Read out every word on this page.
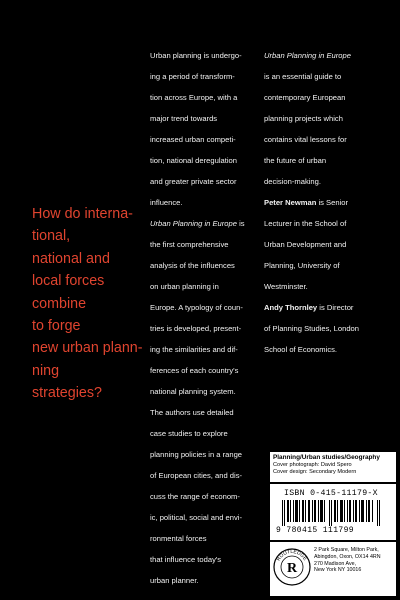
How do interna-
tional,
national and
local forces
combine
to forge
new urban plann-
ning
strategies?
Urban planning is undergo-
ing a period of transform-
tion across Europe, with a
major trend towards
increased urban competi-
tion, national deregulation
and greater private sector
influence.
Urban Planning in Europe is
the first comprehensive
analysis of the influences
on urban planning in
Europe. A typology of coun-
tries is developed, present-
ing the similarities and dif-
ferences of each country's
national planning system.
The authors use detailed
case studies to explore
planning policies in a range
of European cities, and dis-
cuss the range of econom-
ic, political, social and envi-
ronmental forces
that influence today's
urban planner.
Urban Planning in Europe
is an essential guide to
contemporary European
planning projects which
contains vital lessons for
the future of urban
decision-making.
Peter Newman is Senior
Lecturer in the School of
Urban Development and
Planning, University of
Westminster.
Andy Thornley is Director
of Planning Studies, London
School of Economics.
Planning/Urban studies/Geography
Cover photograph: David Spero
Cover design: Secondary Modern
ISBN 0-415-11179-X
9 780415 111799
ROUTLEDGE
R
2 Park Square, Milton Park,
Abingdon, Oxon, OX14 4RN
270 Madison Ave,
New York NY 10016
